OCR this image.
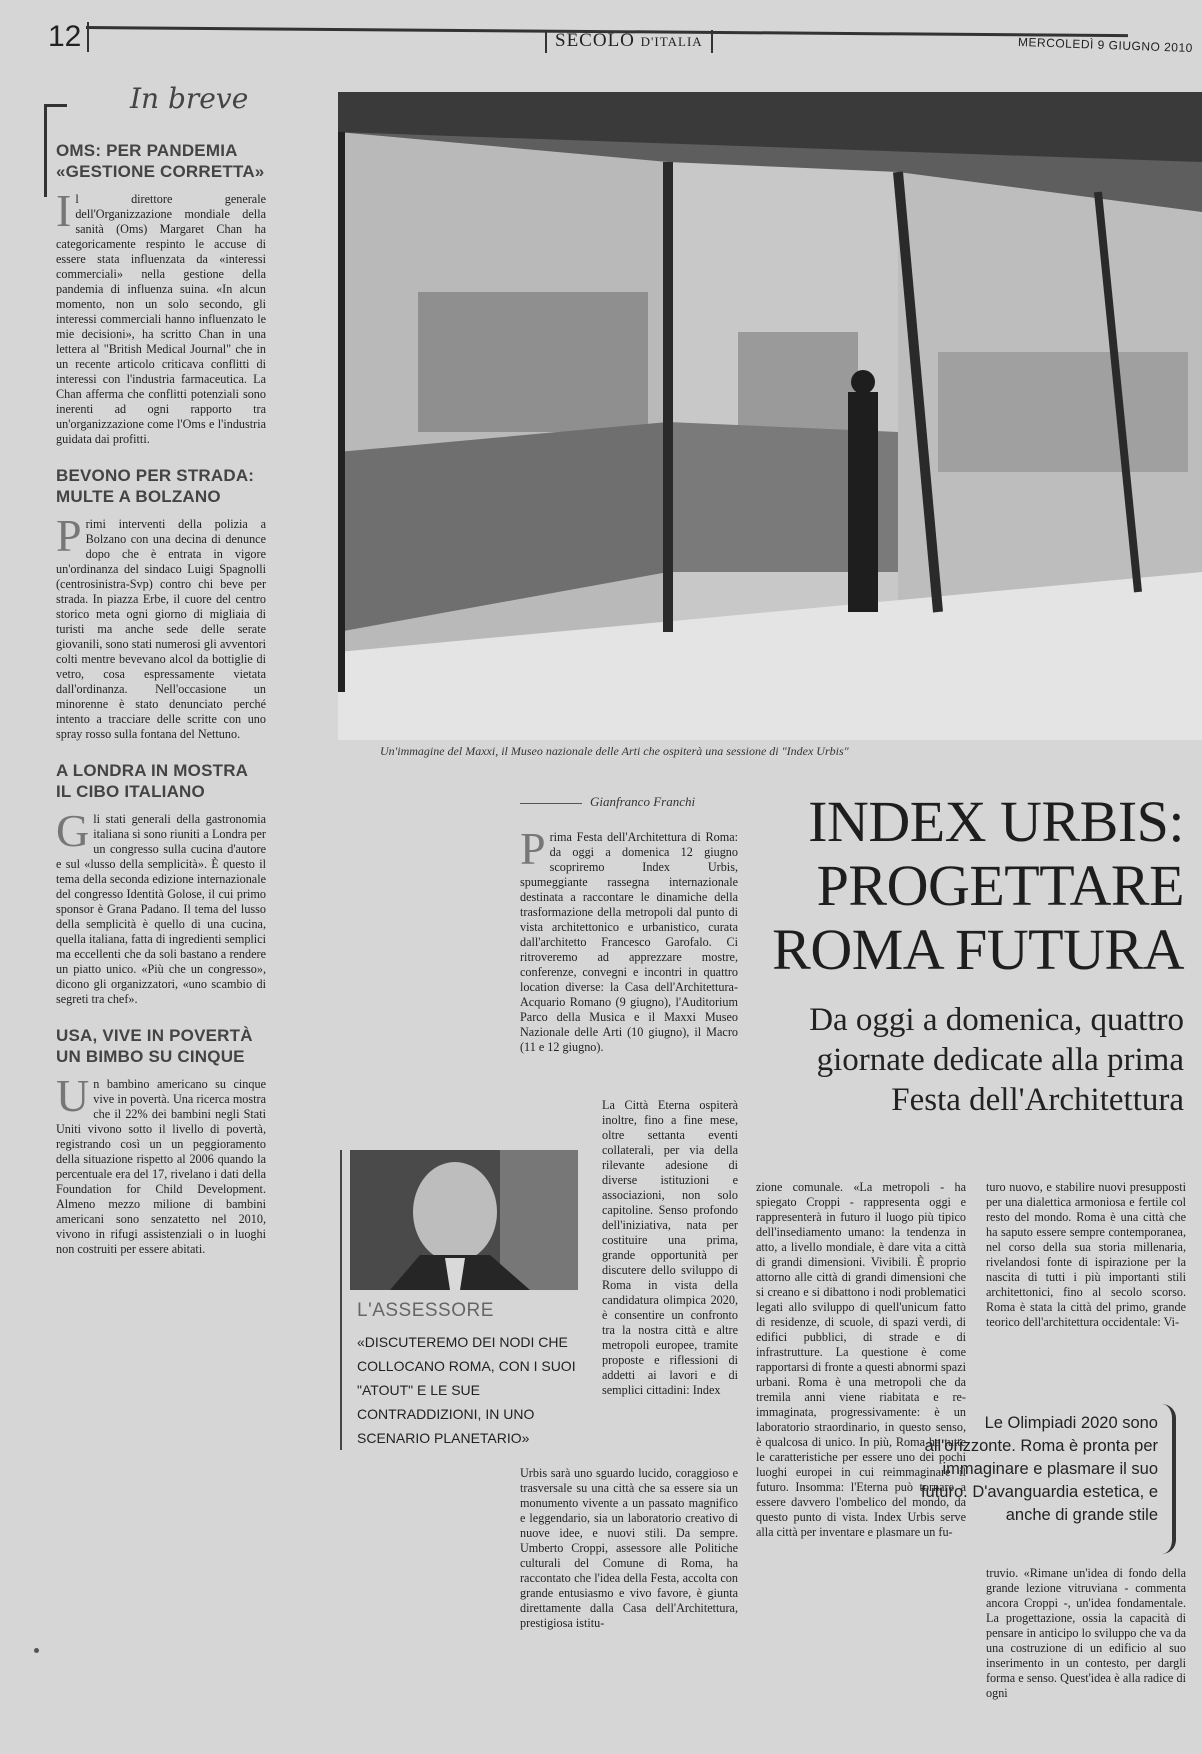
12	SECOLO D'ITALIA	MERCOLEDÌ 9 GIUGNO 2010
In breve
OMS: PER PANDEMIA «GESTIONE CORRETTA»

Il direttore generale dell'Organizzazione mondiale della sanità (Oms) Margaret Chan ha categoricamente respinto le accuse di essere stata influenzata da «interessi commerciali» nella gestione della pandemia di influenza suina. «In alcun momento, non un solo secondo, gli interessi commerciali hanno influenzato le mie decisioni», ha scritto Chan in una lettera al "British Medical Journal" che in un recente articolo criticava conflitti di interessi con l'industria farmaceutica. La Chan afferma che conflitti potenziali sono inerenti ad ogni rapporto tra un'organizzazione come l'Oms e l'industria guidata dai profitti.

BEVONO PER STRADA: MULTE A BOLZANO

Primi interventi della polizia a Bolzano con una decina di denunce dopo che è entrata in vigore un'ordinanza del sindaco Luigi Spagnolli (centrosinistra-Svp) contro chi beve per strada. In piazza Erbe, il cuore del centro storico meta ogni giorno di migliaia di turisti ma anche sede delle serate giovanili, sono stati numerosi gli avventori colti mentre bevevano alcol da bottiglie di vetro, cosa espressamente vietata dall'ordinanza. Nell'occasione un minorenne è stato denunciato perché intento a tracciare delle scritte con uno spray rosso sulla fontana del Nettuno.

A LONDRA IN MOSTRA IL CIBO ITALIANO

Gli stati generali della gastronomia italiana si sono riuniti a Londra per un congresso sulla cucina d'autore e sul «lusso della semplicità». È questo il tema della seconda edizione internazionale del congresso Identità Golose, il cui primo sponsor è Grana Padano. Il tema del lusso della semplicità è quello di una cucina, quella italiana, fatta di ingredienti semplici ma eccellenti che da soli bastano a rendere un piatto unico. «Più che un congresso», dicono gli organizzatori, «uno scambio di segreti tra chef».

USA, VIVE IN POVERTÀ UN BIMBO SU CINQUE

Un bambino americano su cinque vive in povertà. Una ricerca mostra che il 22% dei bambini negli Stati Uniti vivono sotto il livello di povertà, registrando così un un peggioramento della situazione rispetto al 2006 quando la percentuale era del 17, rivelano i dati della Foundation for Child Development. Almeno mezzo milione di bambini americani sono senzatetto nel 2010, vivono in rifugi assistenziali o in luoghi non costruiti per essere abitati.

Un'immagine del Maxxi, il Museo nazionale delle Arti che ospiterà una sessione di "Index Urbis"
Gianfranco Franchi	INDEX URBIS:
PROGETTARE
ROMA FUTURA
Da oggi a domenica, quattro giornate dedicate alla prima Festa dell'Architettura
Prima Festa dell'Architettura di Roma: da oggi a domenica 12 giugno scopriremo Index Urbis, spumeggiante rassegna internazionale destinata a raccontare le dinamiche della trasformazione della metropoli dal punto di vista architettonico e urbanistico, curata dall'architetto Francesco Garofalo. Ci ritroveremo ad apprezzare mostre, conferenze, convegni e incontri in quattro location diverse: la Casa dell'Architettura-Acquario Romano (9 giugno), l'Auditorium Parco della Musica e il Maxxi Museo Nazionale delle Arti (10 giugno), il Macro (11 e 12 giugno).
La Città Eterna ospiterà inoltre, fino a fine mese, oltre settanta eventi collaterali, per via della rilevante adesione di diverse istituzioni e associazioni, non solo capitoline. Senso profondo dell'iniziativa, nata per costituire una prima, grande opportunità per discutere dello sviluppo di Roma in vista della candidatura olimpica 2020, è consentire un confronto tra la nostra città e altre metropoli europee, tramite proposte e riflessioni di addetti ai lavori e di semplici cittadini: Index
Urbis sarà uno sguardo lucido, coraggioso e trasversale su una città che sa essere sia un monumento vivente a un passato magnifico e leggendario, sia un laboratorio creativo di nuove idee, e nuovi stili. Da sempre. Umberto Croppi, assessore alle Politiche culturali del Comune di Roma, ha raccontato che l'idea della Festa, accolta con grande entusiasmo e vivo favore, è giunta direttamente dalla Casa dell'Architettura, prestigiosa istitu-
zione comunale. «La metropoli - ha spiegato Croppi - rappresenta oggi e rappresenterà in futuro il luogo più tipico dell'insediamento umano: la tendenza in atto, a livello mondiale, è dare vita a città di grandi dimensioni. Vivibili. È proprio attorno alle città di grandi dimensioni che si creano e si dibattono i nodi problematici legati allo sviluppo di quell'unicum fatto di residenze, di scuole, di spazi verdi, di edifici pubblici, di strade e di infrastrutture. La questione è come rapportarsi di fronte a questi abnormi spazi urbani. Roma è una metropoli che da tremila anni viene riabitata e re-immaginata, progressivamente: è un laboratorio straordinario, in questo senso, è qualcosa di unico. In più, Roma ha tutte le caratteristiche per essere uno dei pochi luoghi europei in cui reimmaginare il futuro. Insomma: l'Eterna può tornare a essere davvero l'ombelico del mondo, da questo punto di vista. Index Urbis serve alla città per inventare e plasmare un fu-
turo nuovo, e stabilire nuovi presupposti per una dialettica armoniosa e fertile col resto del mondo. Roma è una città che ha saputo essere sempre contemporanea, nel corso della sua storia millenaria, rivelandosi fonte di ispirazione per la nascita di tutti i più importanti stili architettonici, fino al secolo scorso. Roma è stata la città del primo, grande teorico dell'architettura occidentale: Vi-
truvio. «Rimane un'idea di fondo della grande lezione vitruviana - commenta ancora Croppi -, un'idea fondamentale. La progettazione, ossia la capacità di pensare in anticipo lo sviluppo che va da una costruzione di un edificio al suo inserimento in un contesto, per dargli forma e senso. Quest'idea è alla radice di ogni
L'ASSESSORE
«DISCUTEREMO DEI NODI CHE COLLOCANO ROMA, CON I SUOI "ATOUT" E LE SUE CONTRADDIZIONI, IN UNO SCENARIO PLANETARIO»
Le Olimpiadi 2020 sono all'orizzonte. Roma è pronta per immaginare e plasmare il suo futuro. D'avanguardia estetica, e anche di grande stile
